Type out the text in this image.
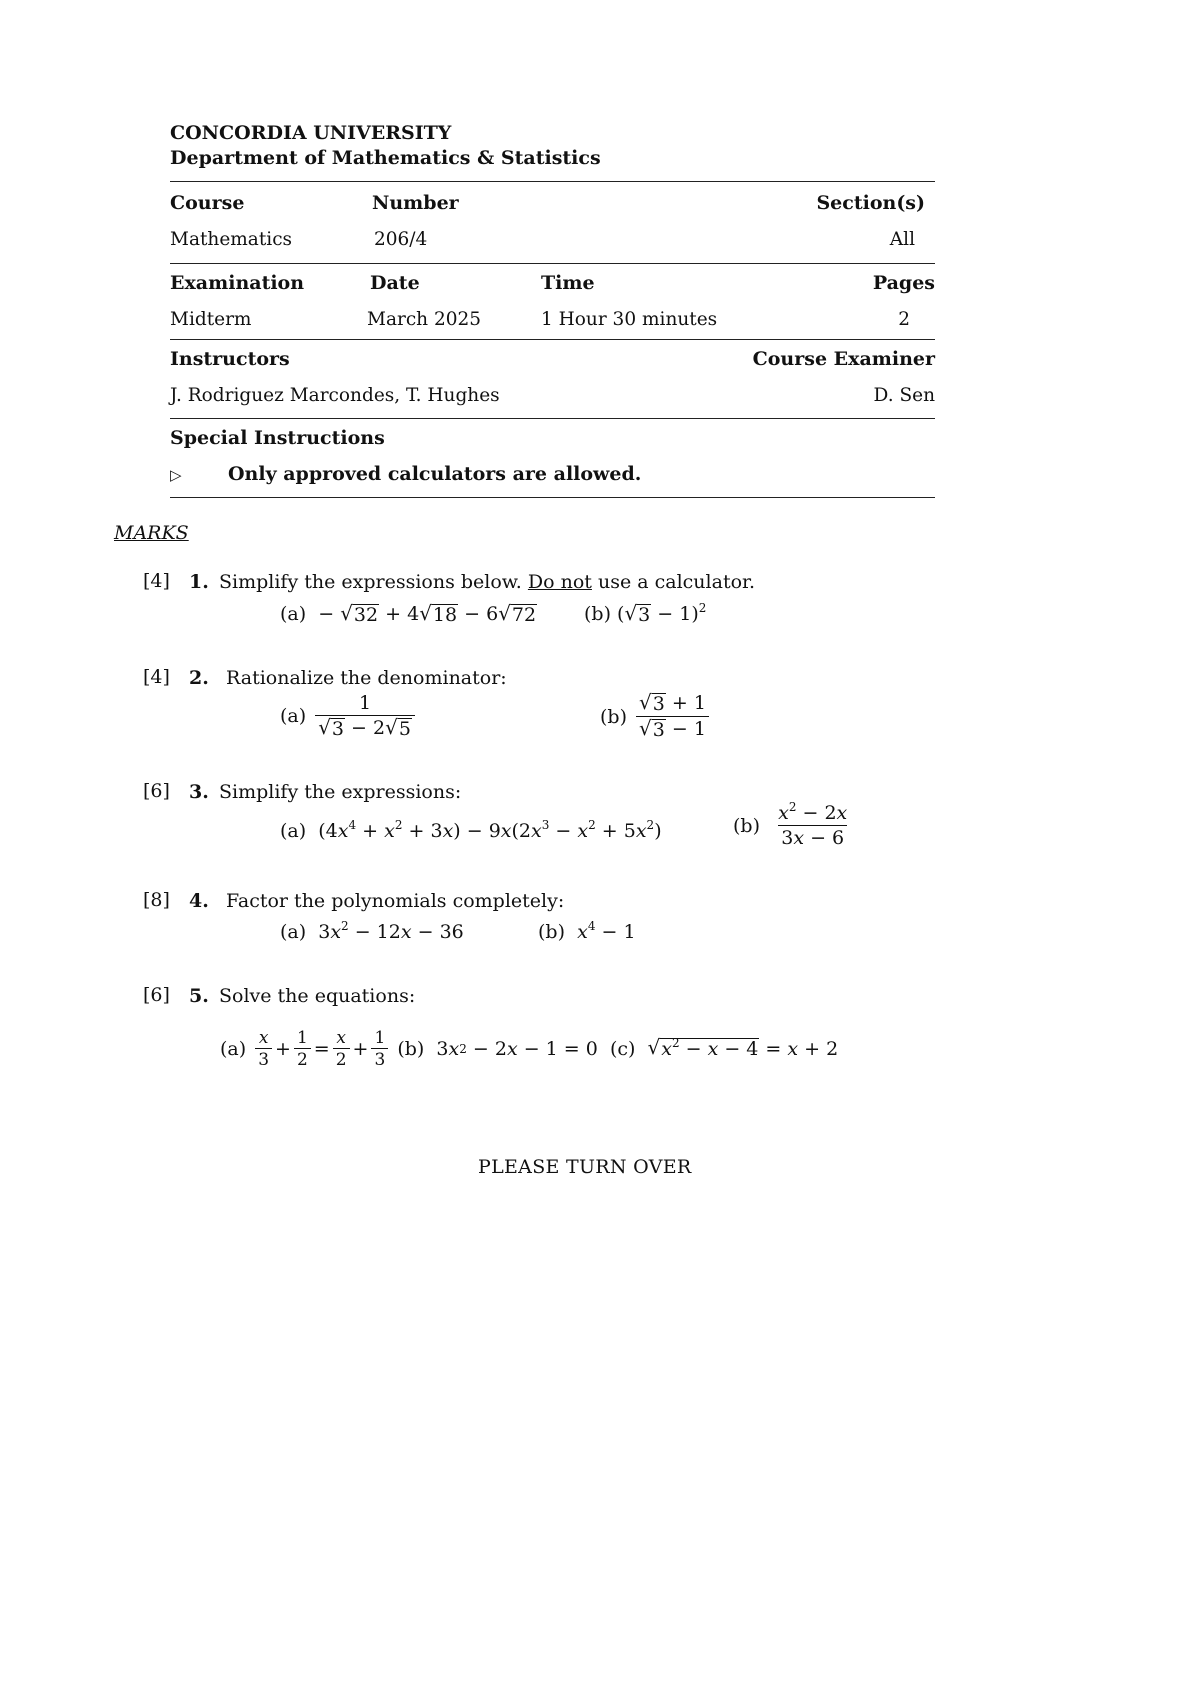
CONCORDIA UNIVERSITY
Department of Mathematics & Statistics
Course	Number	Section(s)
Mathematics	206/4	All
Examination	Date	Time	Pages
Midterm	March 2025	1 Hour 30 minutes	2
Instructors	Course Examiner
J. Rodriguez Marcondes, T. Hughes	D. Sen
Special Instructions
▷ Only approved calculators are allowed.
MARKS
[4] 1. Simplify the expressions below. Do not use a calculator.
(a)  − √ 32 + 4 √ 18 − 6 √ 72	(b) ( √ 3 − 1)$^2$
[4] 2. Rationalize the denominator:
(a)
$\frac{1}{√ 3 - 2 √ 5}$	(b)
$\frac{√ 3 + 1}{√ 3 - 1}$
[6] 3. Simplify the expressions:
(a)  $(4x^4 + x^2 + 3x) - 9x(2x^3 - x^2 + 5x^2)$	(b)
$\frac{x^2 - 2x}{3x - 6}$
[8] 4. Factor the polynomials completely:
(a)  $3x^2 - 12x - 36$	(b) $x^4 - 1$
[6] 5. Solve the equations:
(a)
$\frac{x}{3} + \frac{1}{2} = \frac{x}{2} + \frac{1}{3}$
(b) 3 x 2 − 2 x − 1 = 0 (c)
√ $x^2 - x - 4 = x + 2$
PLEASE TURN OVER
